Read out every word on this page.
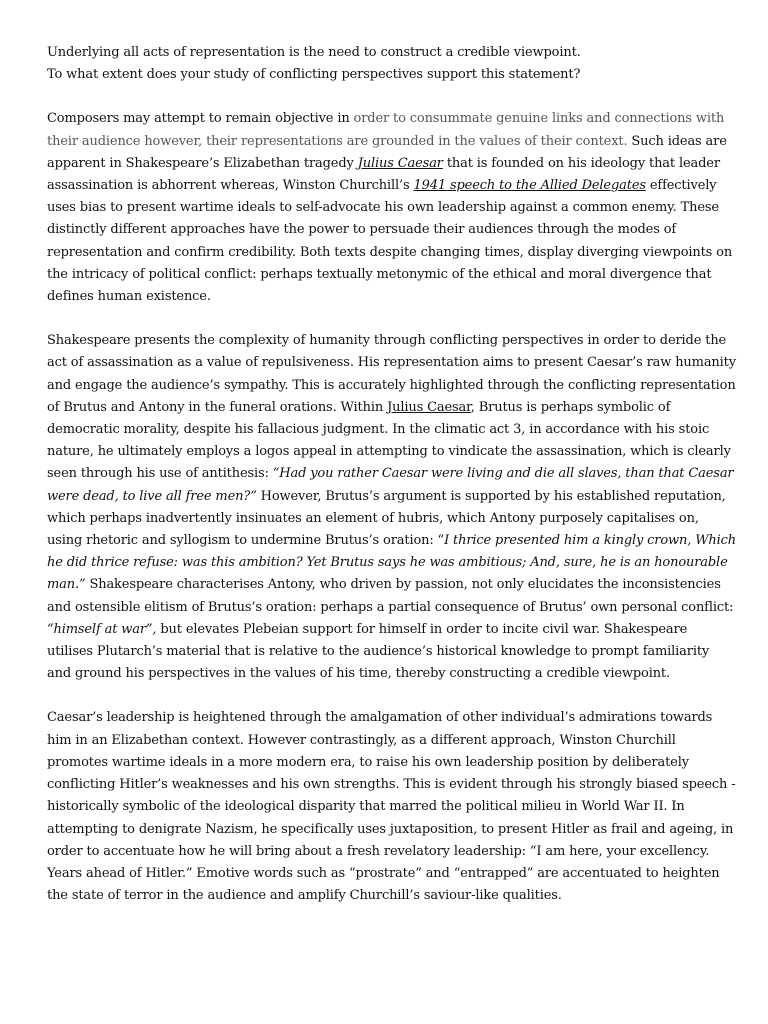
Underlying all acts of representation is the need to construct a credible viewpoint.
To what extent does your study of conflicting perspectives support this statement?

Composers may attempt to remain objective in order to consummate genuine links and connections with their audience however, their representations are grounded in the values of their context. Such ideas are apparent in Shakespeare’s Elizabethan tragedy Julius Caesar that is founded on his ideology that leader assassination is abhorrent whereas, Winston Churchill’s 1941 speech to the Allied Delegates effectively uses bias to present wartime ideals to self-advocate his own leadership against a common enemy. These distinctly different approaches have the power to persuade their audiences through the modes of representation and confirm credibility. Both texts despite changing times, display diverging viewpoints on the intricacy of political conflict: perhaps textually metonymic of the ethical and moral divergence that defines human existence.

Shakespeare presents the complexity of humanity through conflicting perspectives in order to deride the act of assassination as a value of repulsiveness. His representation aims to present Caesar’s raw humanity and engage the audience’s sympathy. This is accurately highlighted through the conflicting representation of Brutus and Antony in the funeral orations. Within Julius Caesar, Brutus is perhaps symbolic of democratic morality, despite his fallacious judgment. In the climatic act 3, in accordance with his stoic nature, he ultimately employs a logos appeal in attempting to vindicate the assassination, which is clearly seen through his use of antithesis: “Had you rather Caesar were living and die all slaves, than that Caesar were dead, to live all free men?” However, Brutus’s argument is supported by his established reputation, which perhaps inadvertently insinuates an element of hubris, which Antony purposely capitalises on, using rhetoric and syllogism to undermine Brutus’s oration: “I thrice presented him a kingly crown, Which he did thrice refuse: was this ambition? Yet Brutus says he was ambitious; And, sure, he is an honourable man.” Shakespeare characterises Antony, who driven by passion, not only elucidates the inconsistencies and ostensible elitism of Brutus’s oration: perhaps a partial consequence of Brutus’ own personal conflict: “himself at war”, but elevates Plebeian support for himself in order to incite civil war. Shakespeare utilises Plutarch’s material that is relative to the audience’s historical knowledge to prompt familiarity and ground his perspectives in the values of his time, thereby constructing a credible viewpoint.

Caesar’s leadership is heightened through the amalgamation of other individual’s admirations towards him in an Elizabethan context. However contrastingly, as a different approach, Winston Churchill promotes wartime ideals in a more modern era, to raise his own leadership position by deliberately conflicting Hitler’s weaknesses and his own strengths. This is evident through his strongly biased speech - historically symbolic of the ideological disparity that marred the political milieu in World War II. In attempting to denigrate Nazism, he specifically uses juxtaposition, to present Hitler as frail and ageing, in order to accentuate how he will bring about a fresh revelatory leadership: “I am here, your excellency. Years ahead of Hitler.” Emotive words such as “prostrate” and “entrapped” are accentuated to heighten the state of terror in the audience and amplify Churchill’s saviour-like qualities.
